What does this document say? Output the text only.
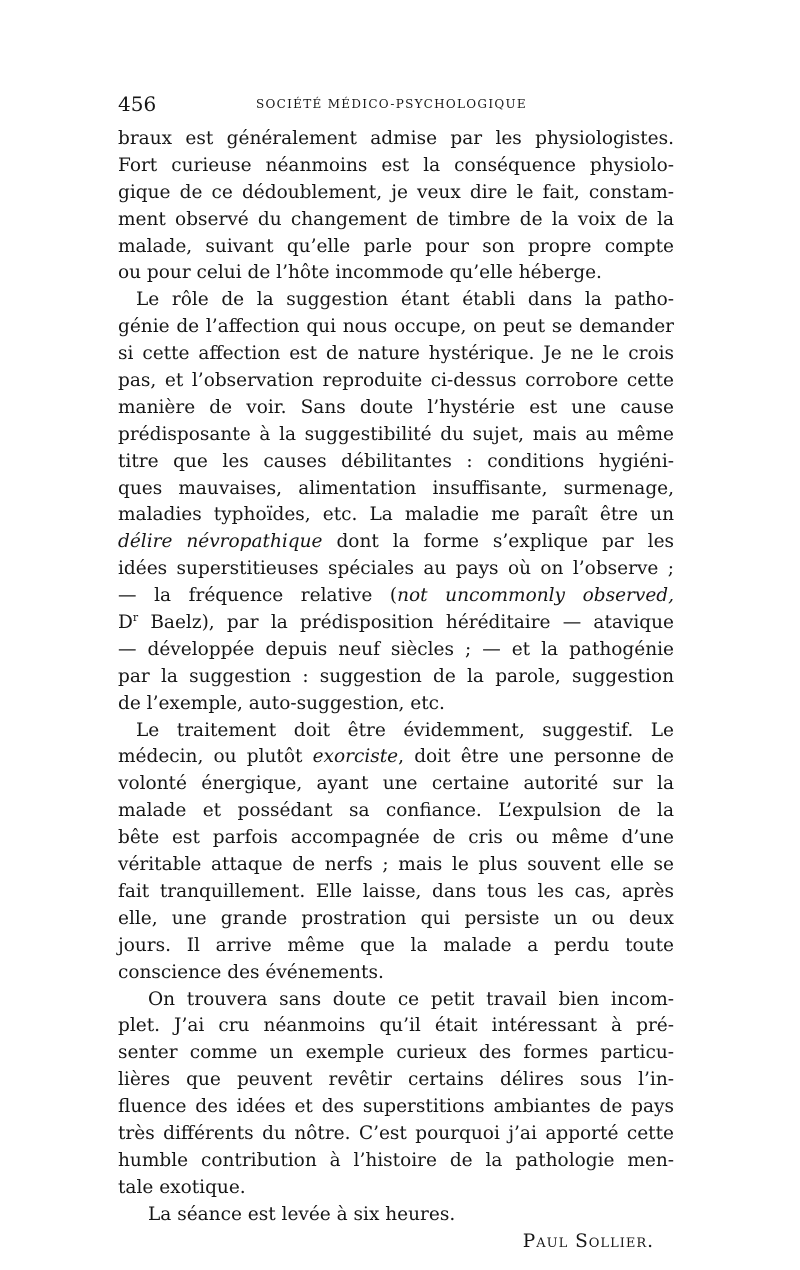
456	SOCIÉTÉ MÉDICO-PSYCHOLOGIQUE
braux est généralement admise par les physiologistes.
Fort curieuse néanmoins est la conséquence physiolo-
gique de ce dédoublement, je veux dire le fait, constam-
ment observé du changement de timbre de la voix de la
malade, suivant qu’elle parle pour son propre compte
ou pour celui de l’hôte incommode qu’elle héberge.
Le rôle de la suggestion étant établi dans la patho-
génie de l’affection qui nous occupe, on peut se demander
si cette affection est de nature hystérique. Je ne le crois
pas, et l’observation reproduite ci-dessus corrobore cette
manière de voir. Sans doute l’hystérie est une cause
prédisposante à la suggestibilité du sujet, mais au même
titre que les causes débilitantes : conditions hygiéni-
ques mauvaises, alimentation insuffisante, surmenage,
maladies typhoïdes, etc. La maladie me paraît être un
délire névropathique dont la forme s’explique par les
idées superstitieuses spéciales au pays où on l’observe ;
— la fréquence relative (not uncommonly observed,
$D^r$ Baelz), par la prédisposition héréditaire — atavique
— développée depuis neuf siècles ; — et la pathogénie
par la suggestion : suggestion de la parole, suggestion
de l’exemple, auto-suggestion, etc.
Le traitement doit être évidemment, suggestif. Le
médecin, ou plutôt exorciste, doit être une personne de
volonté énergique, ayant une certaine autorité sur la
malade et possédant sa confiance. L’expulsion de la
bête est parfois accompagnée de cris ou même d’une
véritable attaque de nerfs ; mais le plus souvent elle se
fait tranquillement. Elle laisse, dans tous les cas, après
elle, une grande prostration qui persiste un ou deux
jours. Il arrive même que la malade a perdu toute
conscience des événements.
On trouvera sans doute ce petit travail bien incom-
plet. J’ai cru néanmoins qu’il était intéressant à pré-
senter comme un exemple curieux des formes particu-
lières que peuvent revêtir certains délires sous l’in-
fluence des idées et des superstitions ambiantes de pays
très différents du nôtre. C’est pourquoi j’ai apporté cette
humble contribution à l’histoire de la pathologie men-
tale exotique.
La séance est levée à six heures.
Paul Sollier.
